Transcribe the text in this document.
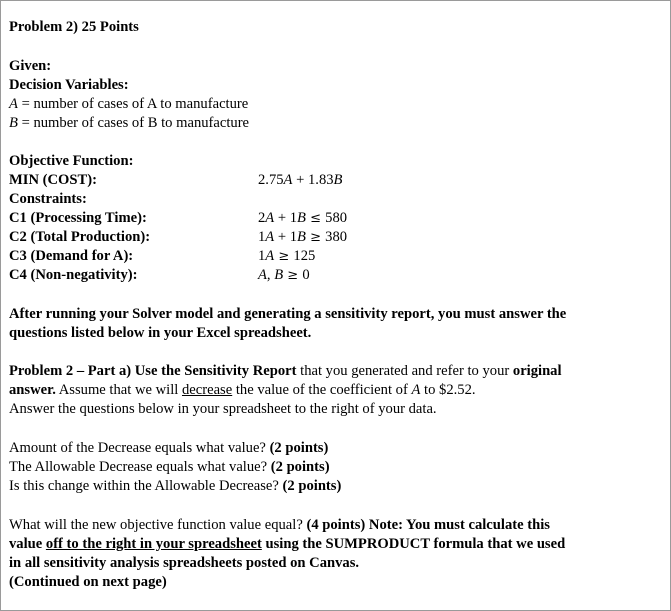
Problem 2) 25 Points
Given:
Decision Variables:
A = number of cases of A to manufacture
B = number of cases of B to manufacture
Objective Function:
MIN (COST):	2.75A + 1.83B
Constraints:
C1 (Processing Time):	2A + 1B ≤ 580
C2 (Total Production):	1A + 1B ≥ 380
C3 (Demand for A):	1A ≥ 125
C4 (Non-negativity):	A, B ≥ 0
After running your Solver model and generating a sensitivity report, you must answer the
questions listed below in your Excel spreadsheet.
Problem 2 – Part a) Use the Sensitivity Report that you generated and refer to your original
answer. Assume that we will decrease the value of the coefficient of A to $2.52.
Answer the questions below in your spreadsheet to the right of your data.
Amount of the Decrease equals what value? (2 points)
The Allowable Decrease equals what value? (2 points)
Is this change within the Allowable Decrease? (2 points)
What will the new objective function value equal? (4 points) Note: You must calculate this
value off to the right in your spreadsheet using the SUMPRODUCT formula that we used
in all sensitivity analysis spreadsheets posted on Canvas.
(Continued on next page)
